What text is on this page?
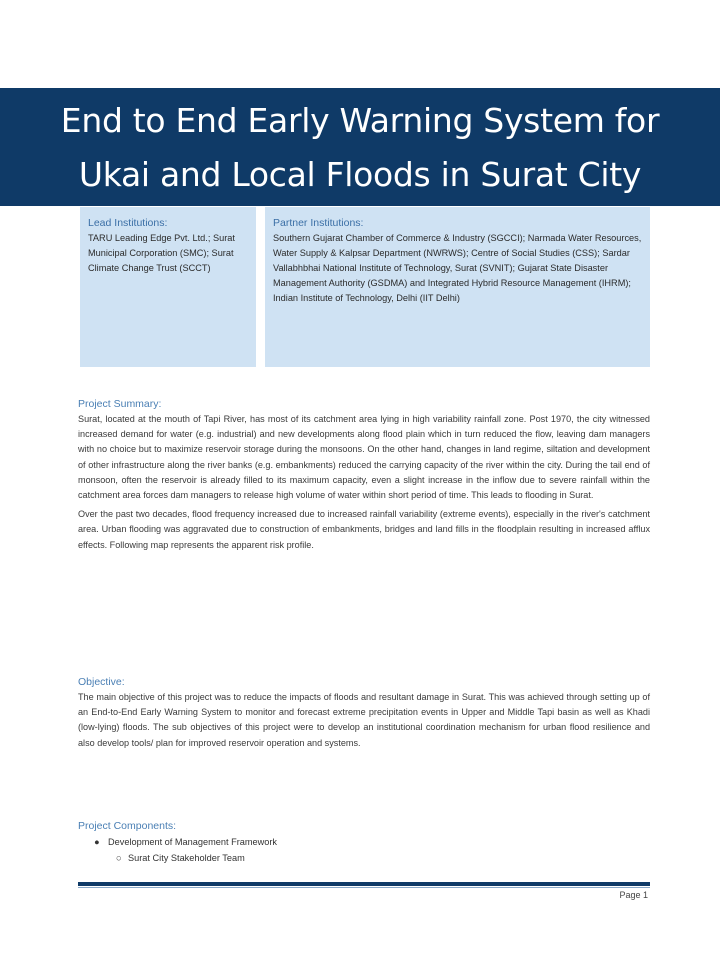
End to End Early Warning System for
Ukai and Local Floods in Surat City
Lead Institutions:
TARU Leading Edge Pvt. Ltd.; Surat Municipal Corporation (SMC); Surat Climate Change Trust (SCCT)
Partner Institutions:
Southern Gujarat Chamber of Commerce & Industry (SGCCI); Narmada Water Resources, Water Supply & Kalpsar Department (NWRWS); Centre of Social Studies (CSS); Sardar Vallabhbhai National Institute of Technology, Surat (SVNIT); Gujarat State Disaster Management Authority (GSDMA) and Integrated Hybrid Resource Management (IHRM); Indian Institute of Technology, Delhi (IIT Delhi)
Project Summary:

Surat, located at the mouth of Tapi River, has most of its catchment area lying in high variability rainfall zone. Post 1970, the city witnessed increased demand for water (e.g. industrial) and new developments along flood plain which in turn reduced the flow, leaving dam managers with no choice but to maximize reservoir storage during the monsoons. On the other hand, changes in land regime, siltation and development of other infrastructure along the river banks (e.g. embankments) reduced the carrying capacity of the river within the city. During the tail end of monsoon, often the reservoir is already filled to its maximum capacity, even a slight increase in the inflow due to severe rainfall within the catchment area forces dam managers to release high volume of water within short period of time. This leads to flooding in Surat.

Over the past two decades, flood frequency increased due to increased rainfall variability (extreme events), especially in the river's catchment area. Urban flooding was aggravated due to construction of embankments, bridges and land fills in the floodplain resulting in increased afflux effects. Following map represents the apparent risk profile.

Objective:

The main objective of this project was to reduce the impacts of floods and resultant damage in Surat. This was achieved through setting up of an End-to-End Early Warning System to monitor and forecast extreme precipitation events in Upper and Middle Tapi basin as well as Khadi (low-lying) floods. The sub objectives of this project were to develop an institutional coordination mechanism for urban flood resilience and also develop tools/ plan for improved reservoir operation and systems.

Project Components:
● Development of Management Framework
○ Surat City Stakeholder Team
Page 1
